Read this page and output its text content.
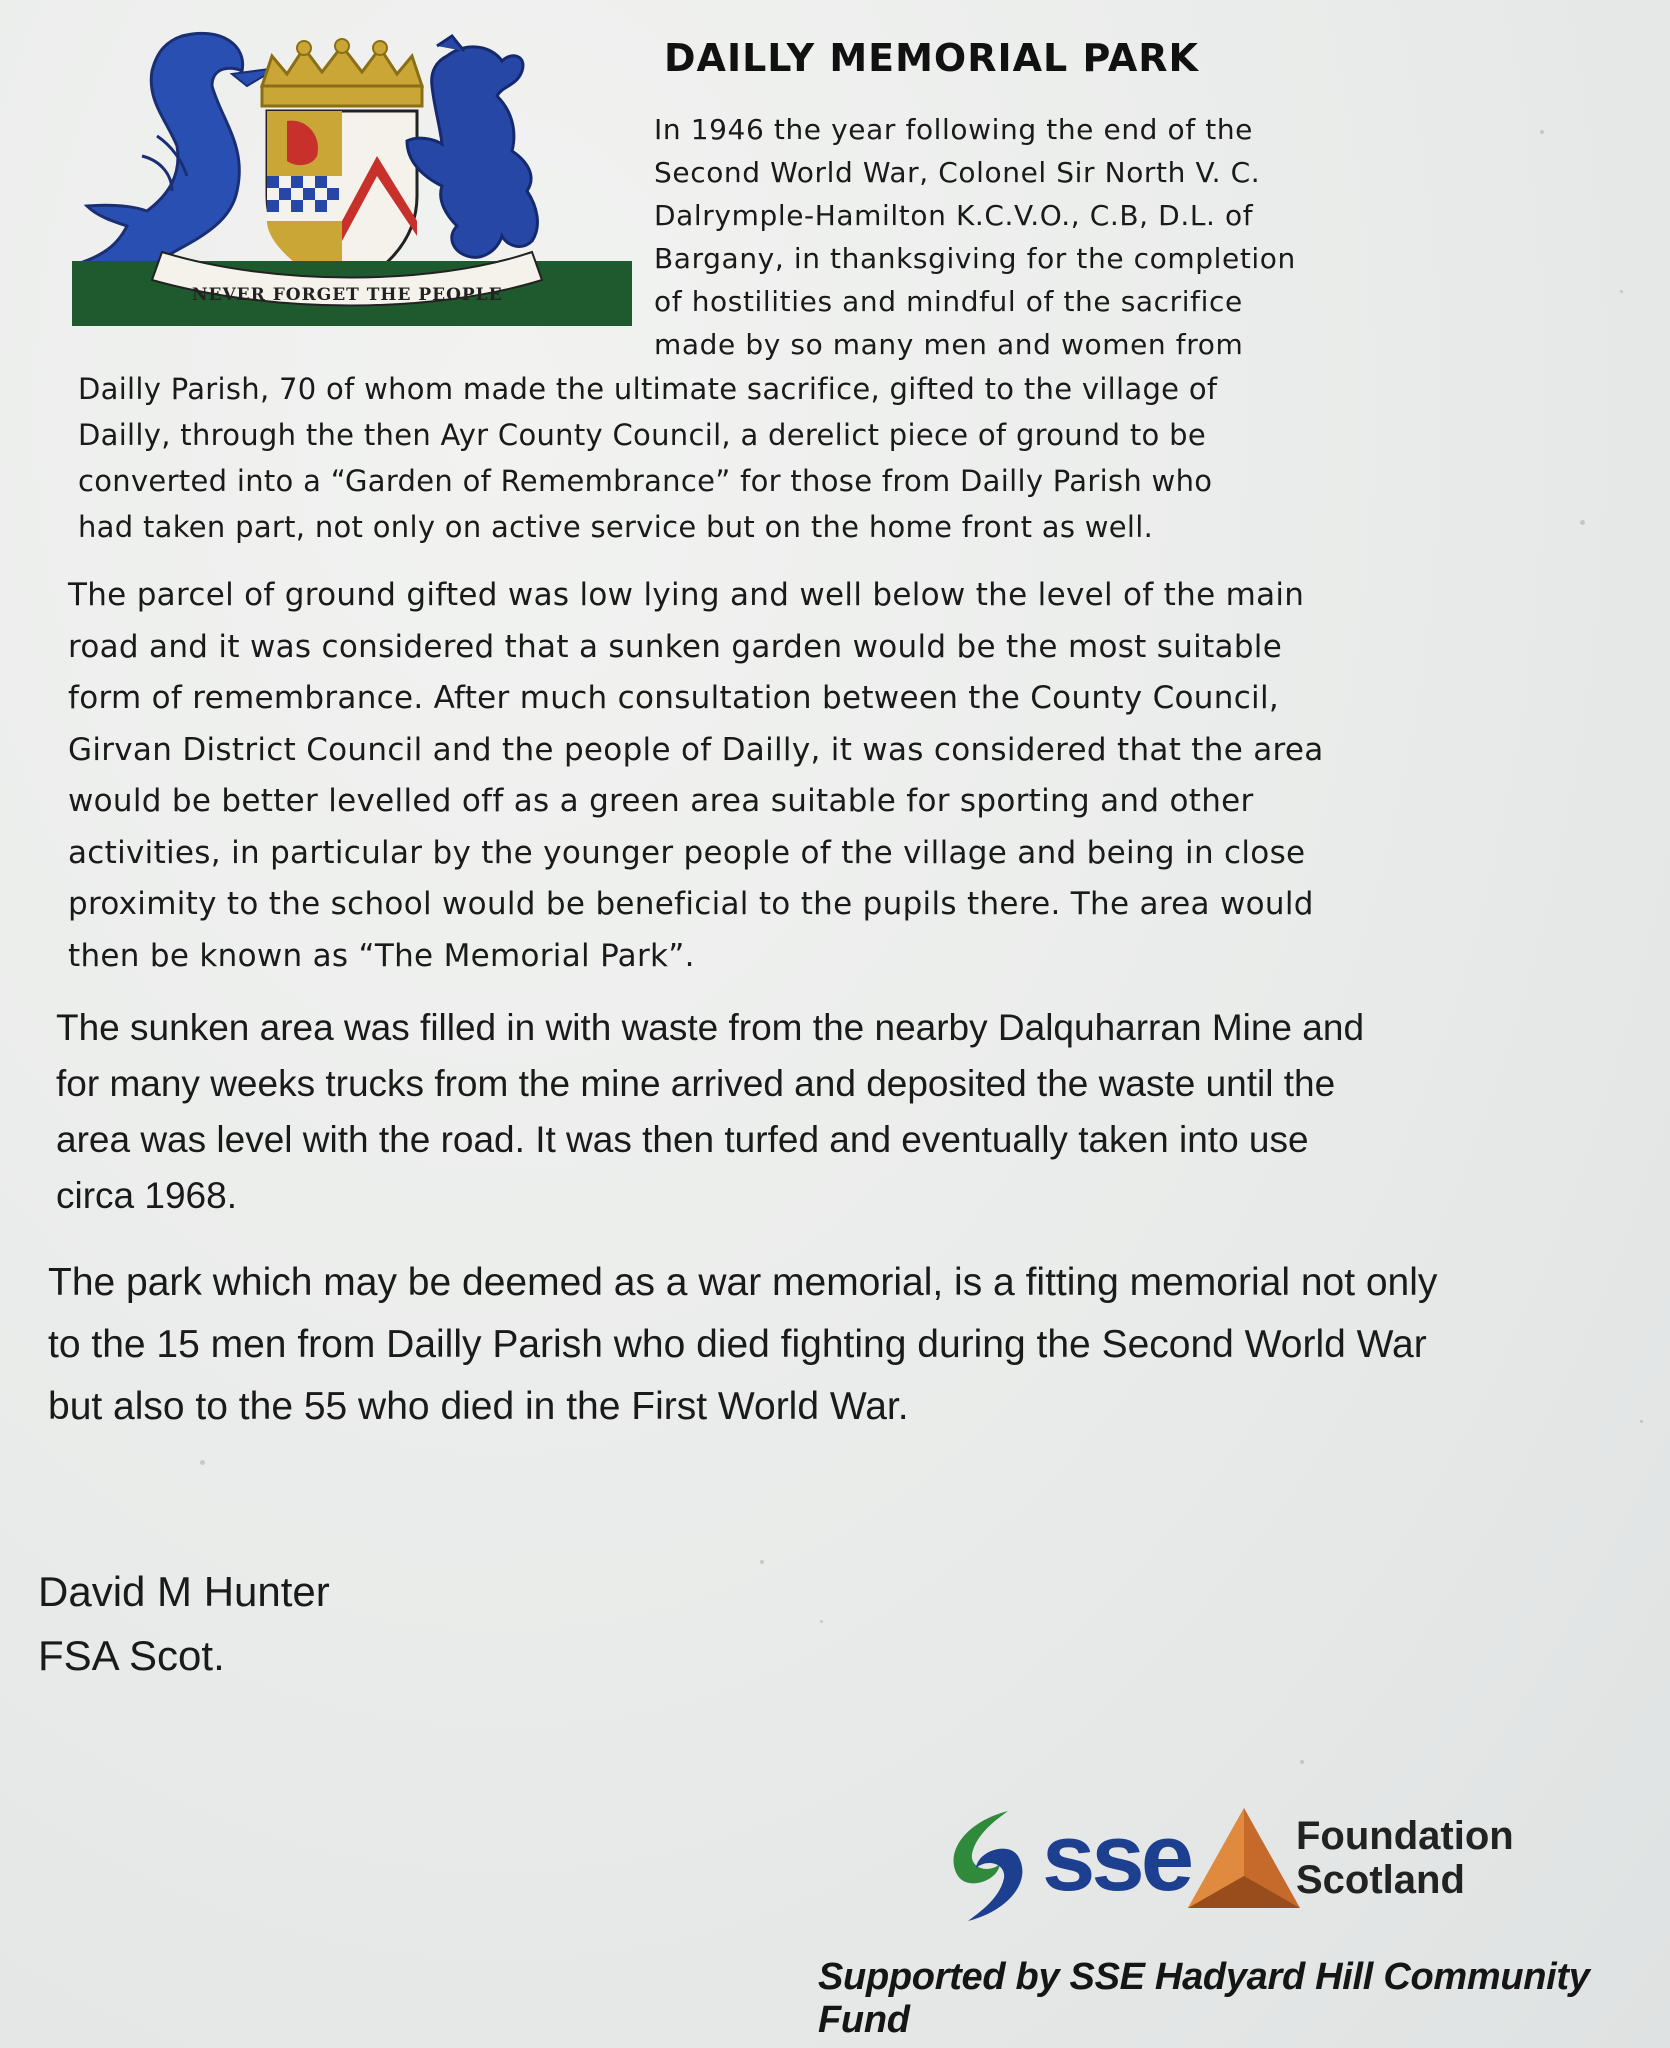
NEVER FORGET THE PEOPLE
DAILLY MEMORIAL PARK
In 1946 the year following the end of the
Second World War, Colonel Sir North V. C.
Dalrymple-Hamilton K.C.V.O., C.B, D.L. of
Bargany, in thanksgiving for the completion
of hostilities and mindful of the sacrifice
made by so many men and women from
Dailly Parish, 70 of whom made the ultimate sacrifice, gifted to the village of
Dailly, through the then Ayr County Council, a derelict piece of ground to be
converted into a “Garden of Remembrance” for those from Dailly Parish who
had taken part, not only on active service but on the home front as well.
The parcel of ground gifted was low lying and well below the level of the main
road and it was considered that a sunken garden would be the most suitable
form of remembrance. After much consultation between the County Council,
Girvan District Council and the people of Dailly, it was considered that the area
would be better levelled off as a green area suitable for sporting and other
activities, in particular by the younger people of the village and being in close
proximity to the school would be beneficial to the pupils there. The area would
then be known as “The Memorial Park”.
The sunken area was filled in with waste from the nearby Dalquharran Mine and
for many weeks trucks from the mine arrived and deposited the waste until the
area was level with the road. It was then turfed and eventually taken into use
circa 1968.
The park which may be deemed as a war memorial, is a fitting memorial not only
to the 15 men from Dailly Parish who died fighting during the Second World War
but also to the 55 who died in the First World War.
David M Hunter
FSA Scot.
sse	Foundation
Scotland
Supported by SSE Hadyard Hill Community Fund
